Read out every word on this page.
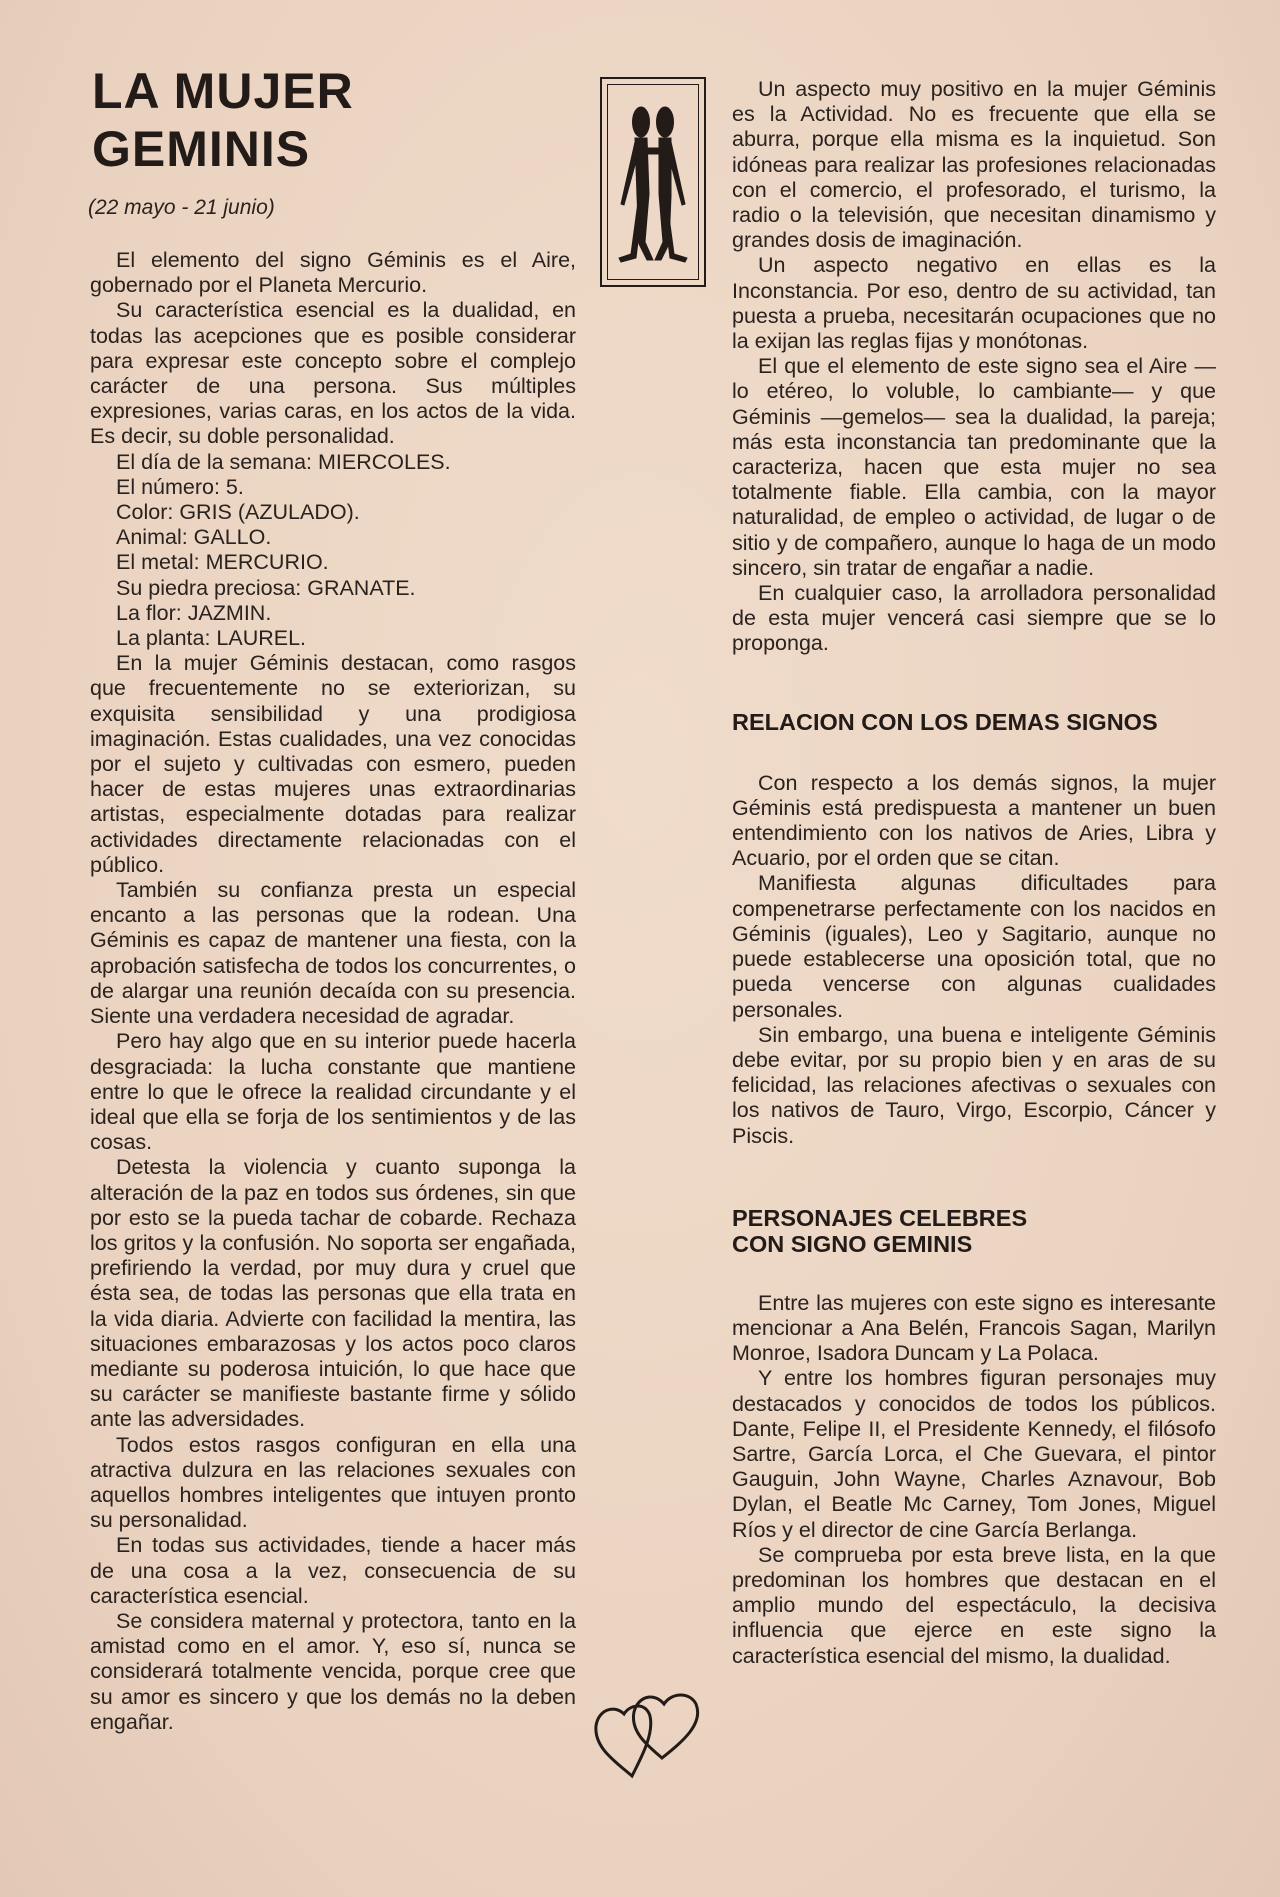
LA MUJER
GEMINIS
(22 mayo - 21 junio)

El elemento del signo Géminis es el Aire, gobernado por el Planeta Mercurio.

Su característica esencial es la dualidad, en todas las acepciones que es posible considerar para expresar este concepto sobre el complejo carácter de una persona. Sus múltiples expresiones, varias caras, en los actos de la vida. Es decir, su doble personalidad.

El día de la semana: MIERCOLES.

El número: 5.

Color: GRIS (AZULADO).

Animal: GALLO.

El metal: MERCURIO.

Su piedra preciosa: GRANATE.

La flor: JAZMIN.

La planta: LAUREL.

En la mujer Géminis destacan, como rasgos que frecuentemente no se exteriorizan, su exquisita sensibilidad y una prodigiosa imaginación. Estas cualidades, una vez conocidas por el sujeto y cultivadas con esmero, pueden hacer de estas mujeres unas extraordinarias artistas, especialmente dotadas para realizar actividades directamente relacionadas con el público.

También su confianza presta un especial encanto a las personas que la rodean. Una Géminis es capaz de mantener una fiesta, con la aprobación satisfecha de todos los concurrentes, o de alargar una reunión decaída con su presencia. Siente una verdadera necesidad de agradar.

Pero hay algo que en su interior puede hacerla desgraciada: la lucha constante que mantiene entre lo que le ofrece la realidad circundante y el ideal que ella se forja de los sentimientos y de las cosas.

Detesta la violencia y cuanto suponga la alteración de la paz en todos sus órdenes, sin que por esto se la pueda tachar de cobarde. Rechaza los gritos y la confusión. No soporta ser engañada, prefiriendo la verdad, por muy dura y cruel que ésta sea, de todas las personas que ella trata en la vida diaria. Advierte con facilidad la mentira, las situaciones embarazosas y los actos poco claros mediante su poderosa intuición, lo que hace que su carácter se manifieste bastante firme y sólido ante las adversidades.

Todos estos rasgos configuran en ella una atractiva dulzura en las relaciones sexuales con aquellos hombres inteligentes que intuyen pronto su personalidad.

En todas sus actividades, tiende a hacer más de una cosa a la vez, consecuencia de su característica esencial.

Se considera maternal y protectora, tanto en la amistad como en el amor. Y, eso sí, nunca se considerará totalmente vencida, porque cree que su amor es sincero y que los demás no la deben engañar.

Un aspecto muy positivo en la mujer Géminis es la Actividad. No es frecuente que ella se aburra, porque ella misma es la inquietud. Son idóneas para realizar las profesiones relacionadas con el comercio, el profesorado, el turismo, la radio o la televisión, que necesitan dinamismo y grandes dosis de imaginación.

Un aspecto negativo en ellas es la Inconstancia. Por eso, dentro de su actividad, tan puesta a prueba, necesitarán ocupaciones que no la exijan las reglas fijas y monótonas.

El que el elemento de este signo sea el Aire —lo etéreo, lo voluble, lo cambiante— y que Géminis —gemelos— sea la dualidad, la pareja; más esta inconstancia tan predominante que la caracteriza, hacen que esta mujer no sea totalmente fiable. Ella cambia, con la mayor naturalidad, de empleo o actividad, de lugar o de sitio y de compañero, aunque lo haga de un modo sincero, sin tratar de engañar a nadie.

En cualquier caso, la arrolladora personalidad de esta mujer vencerá casi siempre que se lo proponga.

RELACION CON LOS DEMAS SIGNOS

Con respecto a los demás signos, la mujer Géminis está predispuesta a mantener un buen entendimiento con los nativos de Aries, Libra y Acuario, por el orden que se citan.

Manifiesta algunas dificultades para compenetrarse perfectamente con los nacidos en Géminis (iguales), Leo y Sagitario, aunque no puede establecerse una oposición total, que no pueda vencerse con algunas cualidades personales.

Sin embargo, una buena e inteligente Géminis debe evitar, por su propio bien y en aras de su felicidad, las relaciones afectivas o sexuales con los nativos de Tauro, Virgo, Escorpio, Cáncer y Piscis.

PERSONAJES CELEBRES
CON SIGNO GEMINIS

Entre las mujeres con este signo es interesante mencionar a Ana Belén, Francois Sagan, Marilyn Monroe, Isadora Duncam y La Polaca.

Y entre los hombres figuran personajes muy destacados y conocidos de todos los públicos. Dante, Felipe II, el Presidente Kennedy, el filósofo Sartre, García Lorca, el Che Guevara, el pintor Gauguin, John Wayne, Charles Aznavour, Bob Dylan, el Beatle Mc Carney, Tom Jones, Miguel Ríos y el director de cine García Berlanga.

Se comprueba por esta breve lista, en la que predominan los hombres que destacan en el amplio mundo del espectáculo, la decisiva influencia que ejerce en este signo la característica esencial del mismo, la dualidad.
